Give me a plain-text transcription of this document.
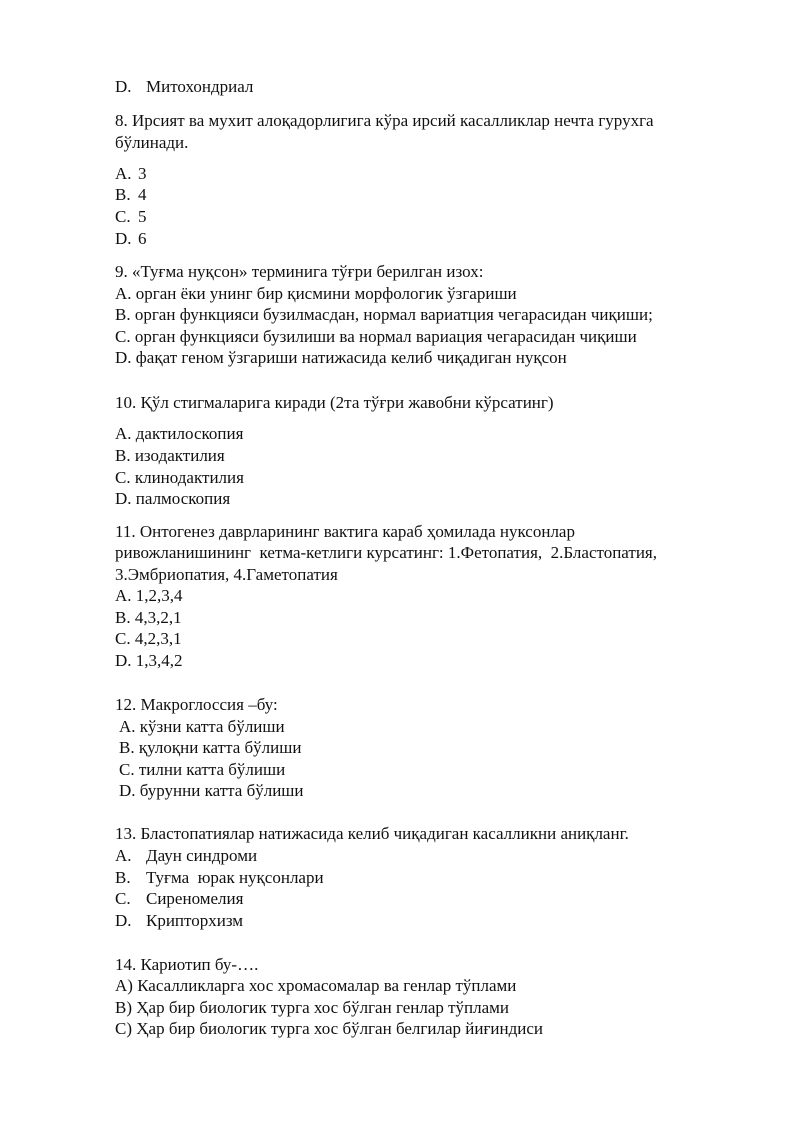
D. Митохондриал
8. Ирсият ва мухит алоқадорлигига кўра ирсий касалликлар нечта гурухга
бўлинади.
A. 3
B. 4
C. 5
D. 6
9. «Туғма нуқсон» терминига тўғри берилган изох:
A. орган ёки унинг бир қисмини морфологик ўзгариши
B. орган функцияси бузилмасдан, нормал вариатция чегарасидан чиқиши;
C. орган функцияси бузилиши ва нормал вариация чегарасидан чиқиши
D. фақат геном ўзгариши натижасида келиб чиқадиган нуқсон
10. Қўл стигмаларига киради (2та тўғри жавобни кўрсатинг)
A. дактилоскопия
B. изодактилия
C. клинодактилия
D. палмоскопия
11. Онтогенез даврларининг вактига караб ҳомилада нуксонлар
ривожланишининг  кетма-кетлиги курсатинг: 1.Фетопатия,  2.Бластопатия,
3.Эмбриопатия, 4.Гаметопатия
A. 1,2,3,4
B. 4,3,2,1
C. 4,2,3,1
D. 1,3,4,2
12. Макроглоссия –бу:
A. кўзни катта бўлиши
B. қулоқни катта бўлиши
C. тилни катта бўлиши
D. бурунни катта бўлиши
13. Бластопатиялар натижасида келиб чиқадиган касалликни аниқланг.
A. Даун синдроми
B. Туғма  юрак нуқсонлари
C. Сиреномелия
D. Крипторхизм
14. Кариотип бу-….
A) Касалликларга хос хромасомалар ва генлар тўплами
B) Ҳар бир биологик турга хос бўлган генлар тўплами
C) Ҳар бир биологик турга хос бўлган белгилар йиғиндиси
